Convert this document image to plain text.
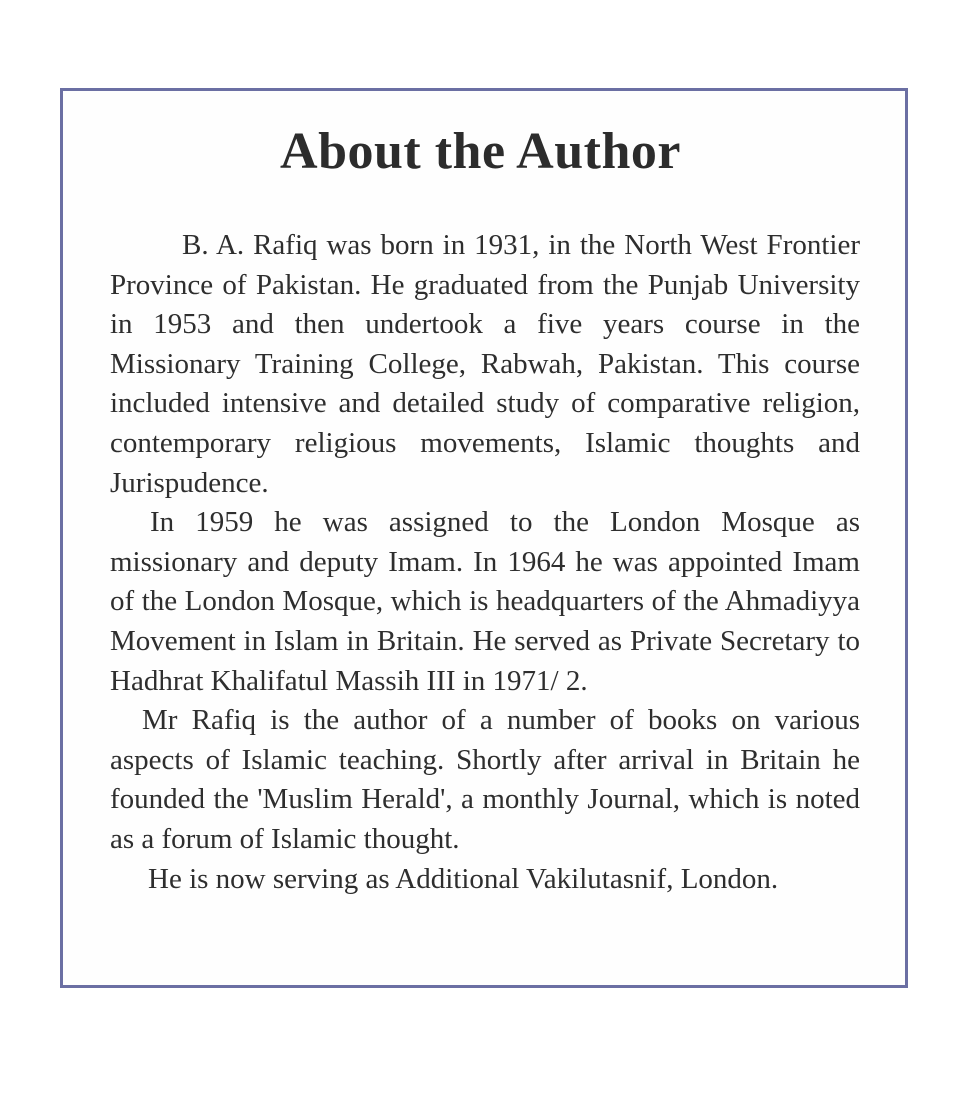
About the Author

B. A. Rafiq was born in 1931, in the North West Frontier Province of Pakistan. He graduated from the Punjab University in 1953 and then undertook a five years course in the Missionary Training College, Rabwah, Pakistan. This course included intensive and detailed study of comparative religion, contemporary religious movements, Islamic thoughts and Jurispudence.

In 1959 he was assigned to the London Mosque as missionary and deputy Imam. In 1964 he was appointed Imam of the London Mosque, which is headquarters of the Ahmadiyya Movement in Islam in Britain. He served as Private Secretary to Hadhrat Khalifatul Massih III in 1971/ 2.

Mr Rafiq is the author of a number of books on various aspects of Islamic teaching. Shortly after arrival in Britain he founded the 'Muslim Herald', a monthly Journal, which is noted as a forum of Islamic thought.

He is now serving as Additional Vakilutasnif, London.
